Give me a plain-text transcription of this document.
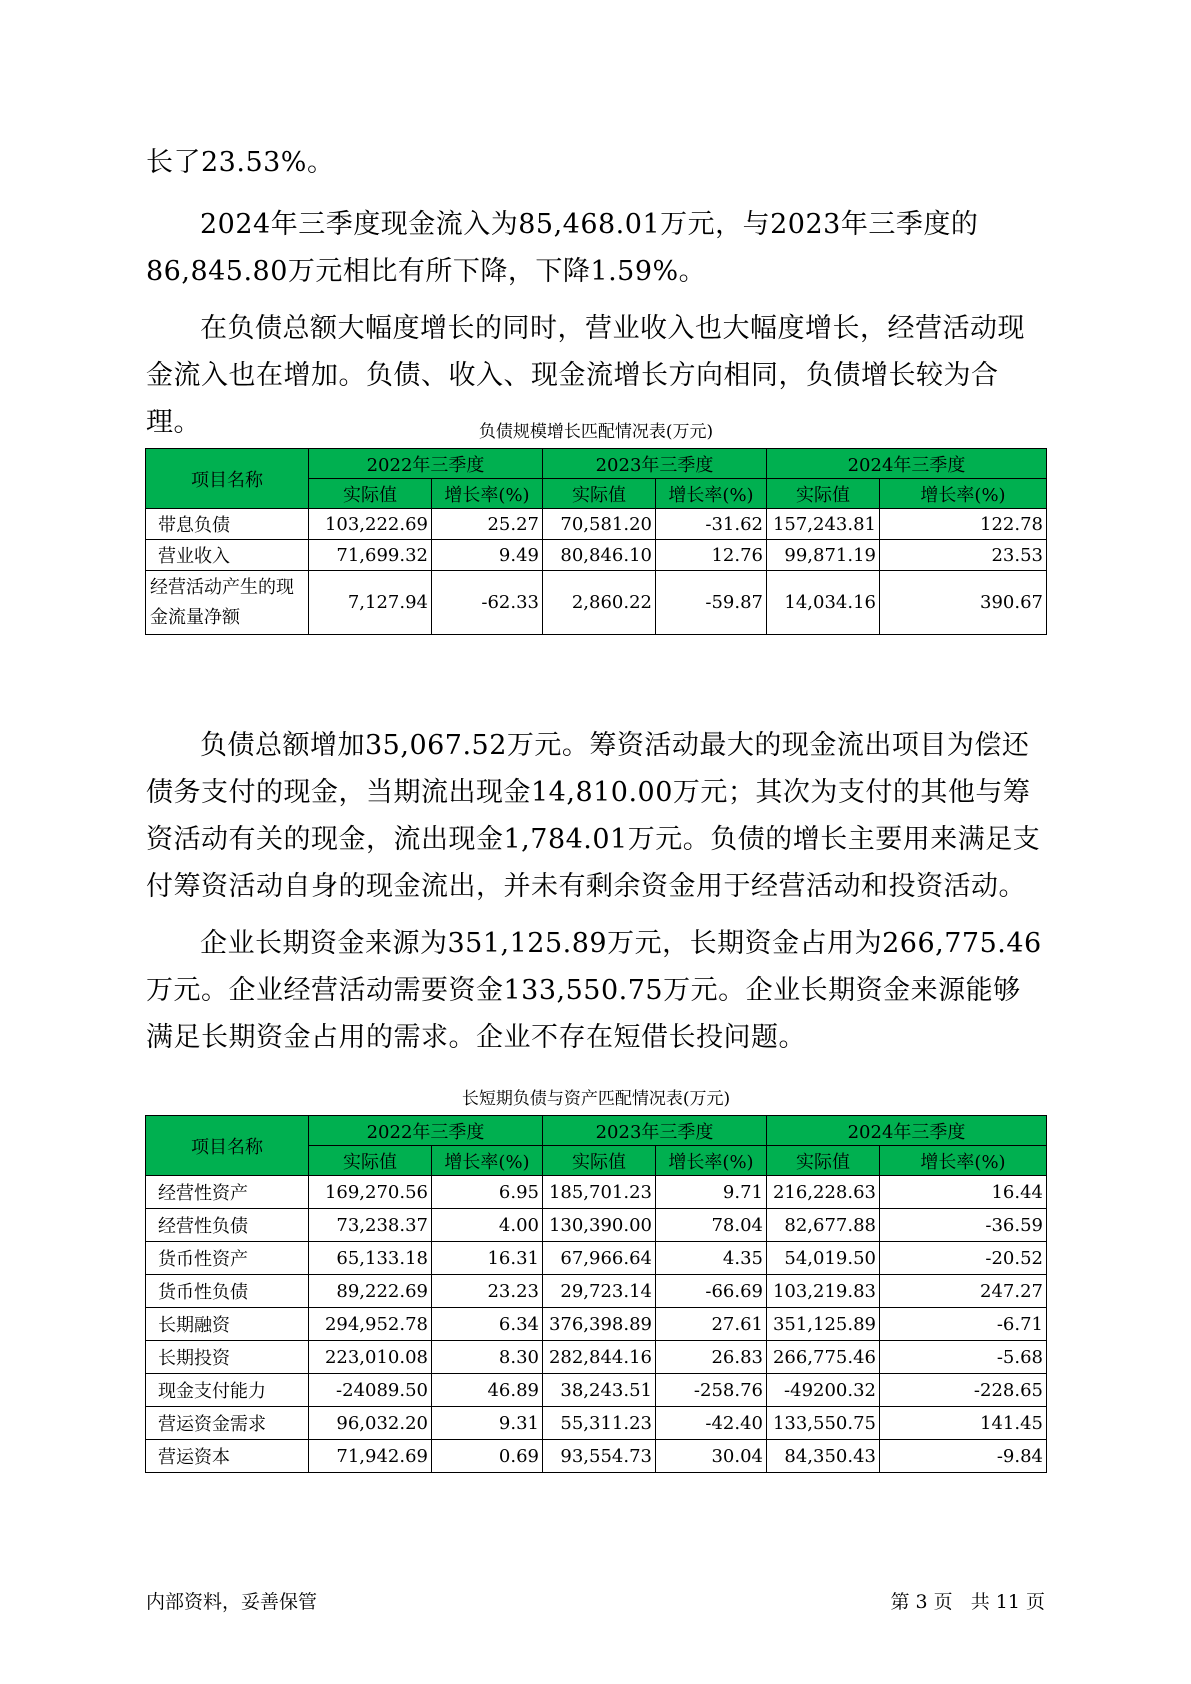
长了23.53%。
2024年三季度现金流入为85,468.01万元，与2023年三季度的86,845.80万元相比有所下降，下降1.59%。
在负债总额大幅度增长的同时，营业收入也大幅度增长，经营活动现金流入也在增加。负债、收入、现金流增长方向相同，负债增长较为合理。	负债规模增长匹配情况表(万元)
项目名称	2022年三季度		2023年三季度		2024年三季度	
	实际值	增长率(%)	实际值	增长率(%)	实际值	增长率(%)
带息负债	103,222.69	25.27	70,581.20	-31.62	157,243.81	122.78
营业收入	71,699.32	9.49	80,846.10	12.76	99,871.19	23.53
经营活动产生的现金流量净额	7,127.94	-62.33	2,860.22	-59.87	14,034.16	390.67
负债总额增加35,067.52万元。筹资活动最大的现金流出项目为偿还债务支付的现金，当期流出现金14,810.00万元；其次为支付的其他与筹资活动有关的现金，流出现金1,784.01万元。负债的增长主要用来满足支付筹资活动自身的现金流出，并未有剩余资金用于经营活动和投资活动。
企业长期资金来源为351,125.89万元，长期资金占用为266,775.46万元。企业经营活动需要资金133,550.75万元。企业长期资金来源能够满足长期资金占用的需求。企业不存在短借长投问题。
长短期负债与资产匹配情况表(万元)
项目名称	2022年三季度		2023年三季度		2024年三季度	
	实际值	增长率(%)	实际值	增长率(%)	实际值	增长率(%)
经营性资产	169,270.56	6.95	185,701.23	9.71	216,228.63	16.44
经营性负债	73,238.37	4.00	130,390.00	78.04	82,677.88	-36.59
货币性资产	65,133.18	16.31	67,966.64	4.35	54,019.50	-20.52
货币性负债	89,222.69	23.23	29,723.14	-66.69	103,219.83	247.27
长期融资	294,952.78	6.34	376,398.89	27.61	351,125.89	-6.71
长期投资	223,010.08	8.30	282,844.16	26.83	266,775.46	-5.68
现金支付能力	-24089.50	46.89	38,243.51	-258.76	-49200.32	-228.65
营运资金需求	96,032.20	9.31	55,311.23	-42.40	133,550.75	141.45
营运资本	71,942.69	0.69	93,554.73	30.04	84,350.43	-9.84
内部资料，妥善保管	第 3 页   共 11 页
